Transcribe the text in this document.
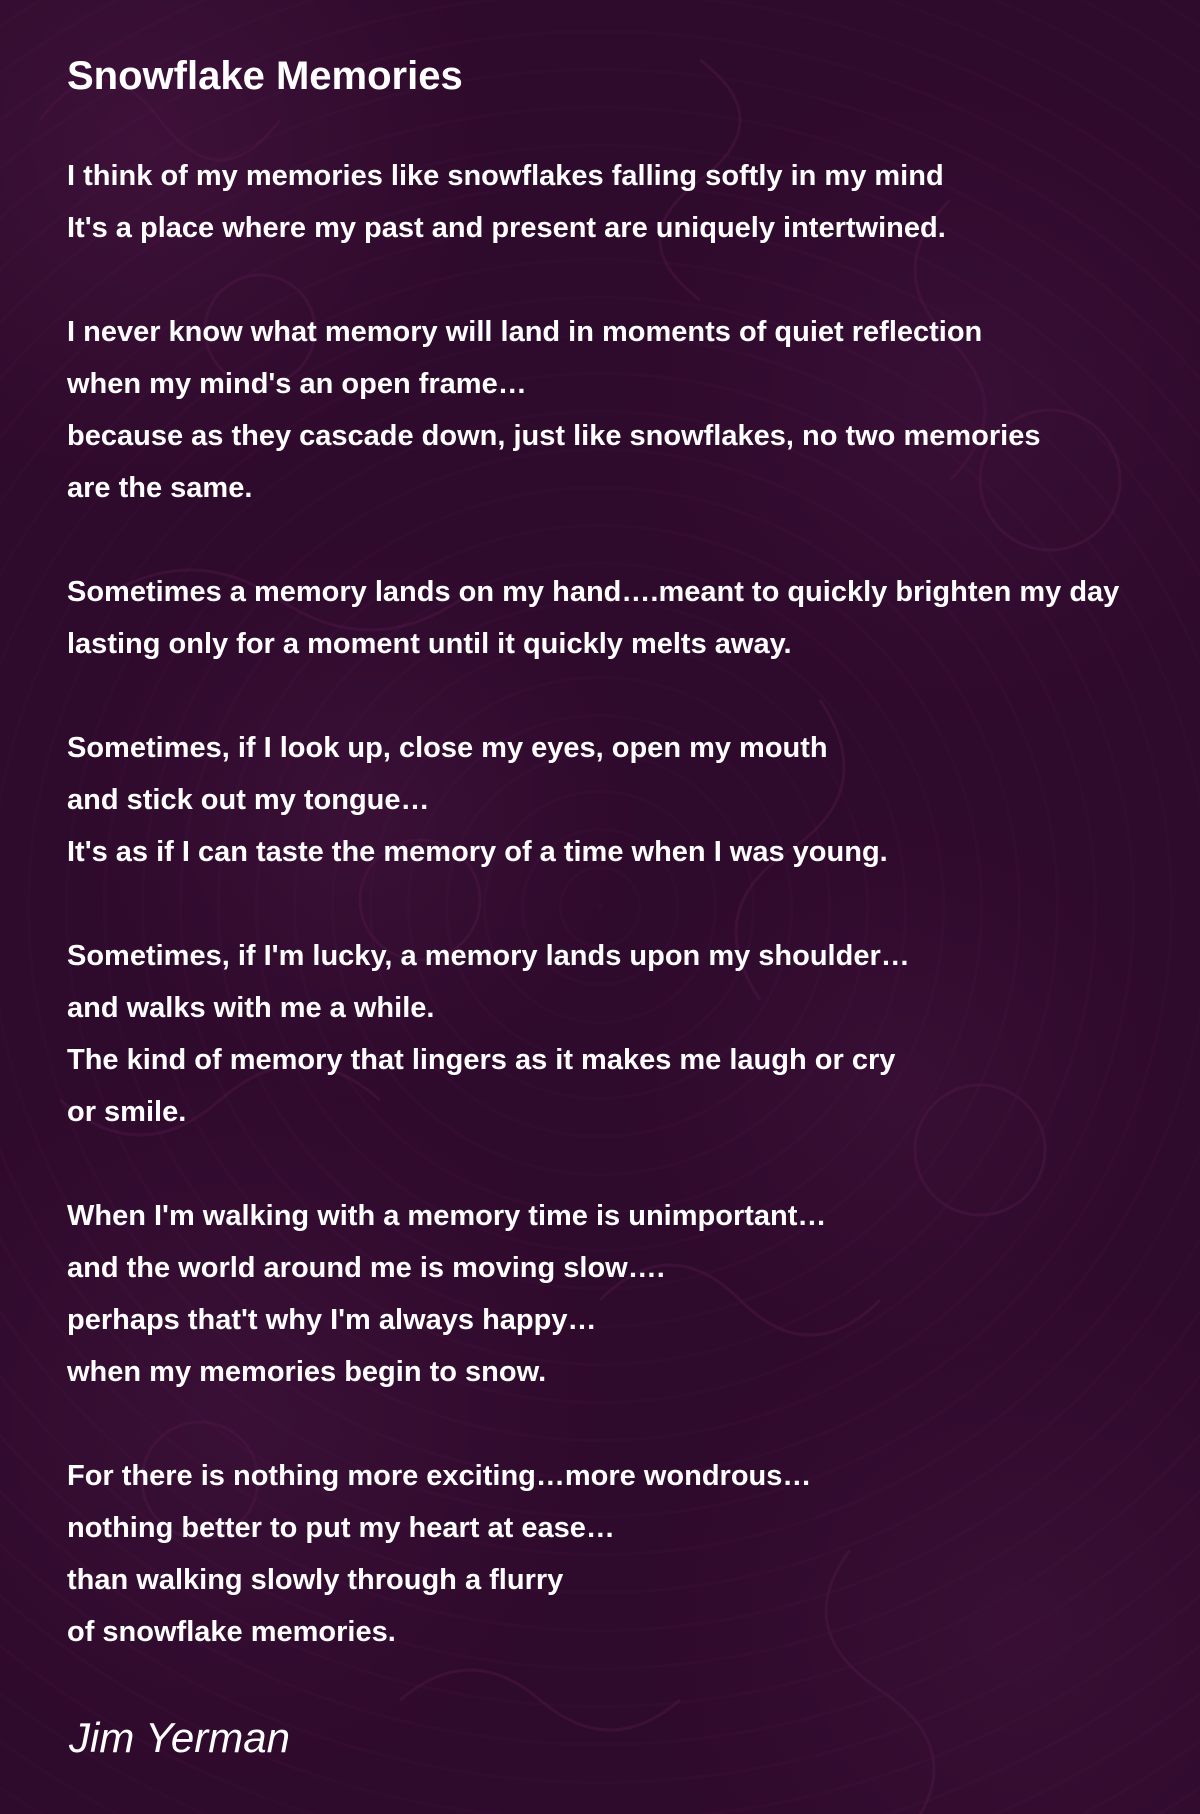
Snowflake Memories
I think of my memories like snowflakes falling softly in my mind
It's a place where my past and present are uniquely intertwined.
I never know what memory will land in moments of quiet reflection
when my mind's an open frame…
because as they cascade down, just like snowflakes, no two memories
are the same.
Sometimes a memory lands on my hand….meant to quickly brighten my day
lasting only for a moment until it quickly melts away.
Sometimes, if I look up, close my eyes, open my mouth
and stick out my tongue…
It's as if I can taste the memory of a time when I was young.
Sometimes, if I'm lucky, a memory lands upon my shoulder…
and walks with me a while.
The kind of memory that lingers as it makes me laugh or cry
or smile.
When I'm walking with a memory time is unimportant…
and the world around me is moving slow….
perhaps that't why I'm always happy…
when my memories begin to snow.
For there is nothing more exciting…more wondrous…
nothing better to put my heart at ease…
than walking slowly through a flurry
of snowflake memories.
Jim Yerman
